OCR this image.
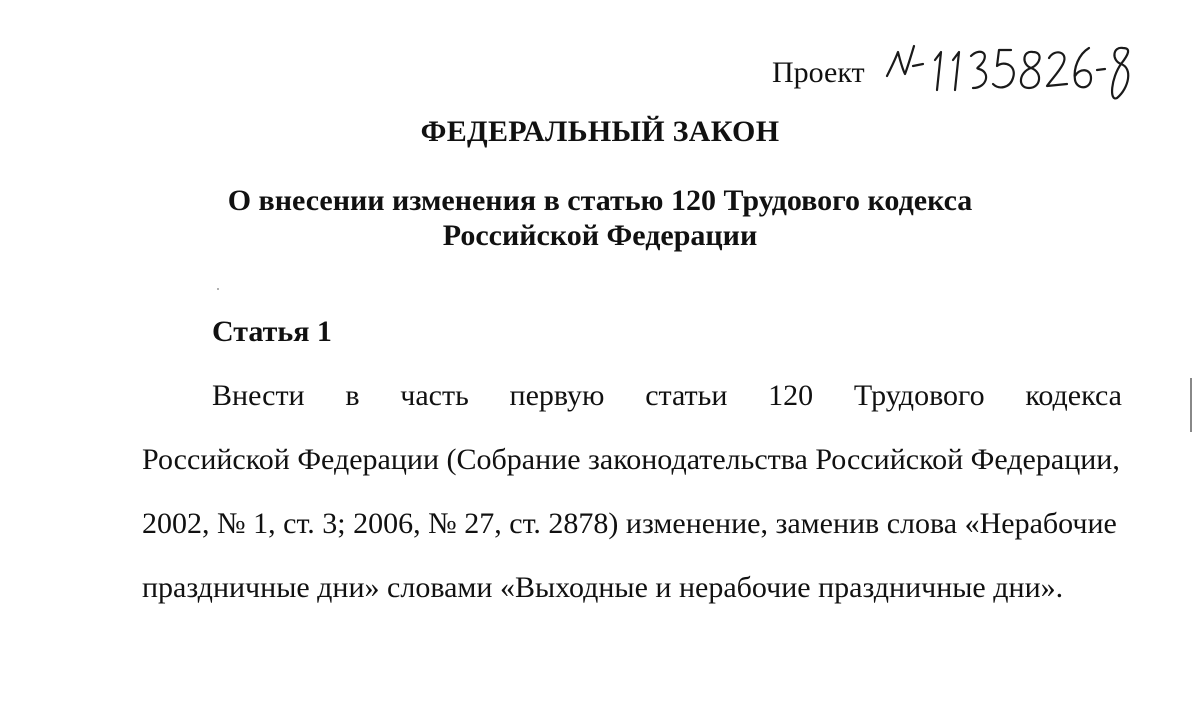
Проект
ФЕДЕРАЛЬНЫЙ ЗАКОН
О внесении изменения в статью 120 Трудового кодекса
Российской Федерации
Статья 1
Внести в часть первую статьи 120 Трудового кодекса
Российской Федерации (Собрание законодательства Российской Федерации,
2002, № 1, ст. 3; 2006, № 27, ст. 2878) изменение, заменив слова «Нерабочие
праздничные дни» словами «Выходные и нерабочие праздничные дни».
